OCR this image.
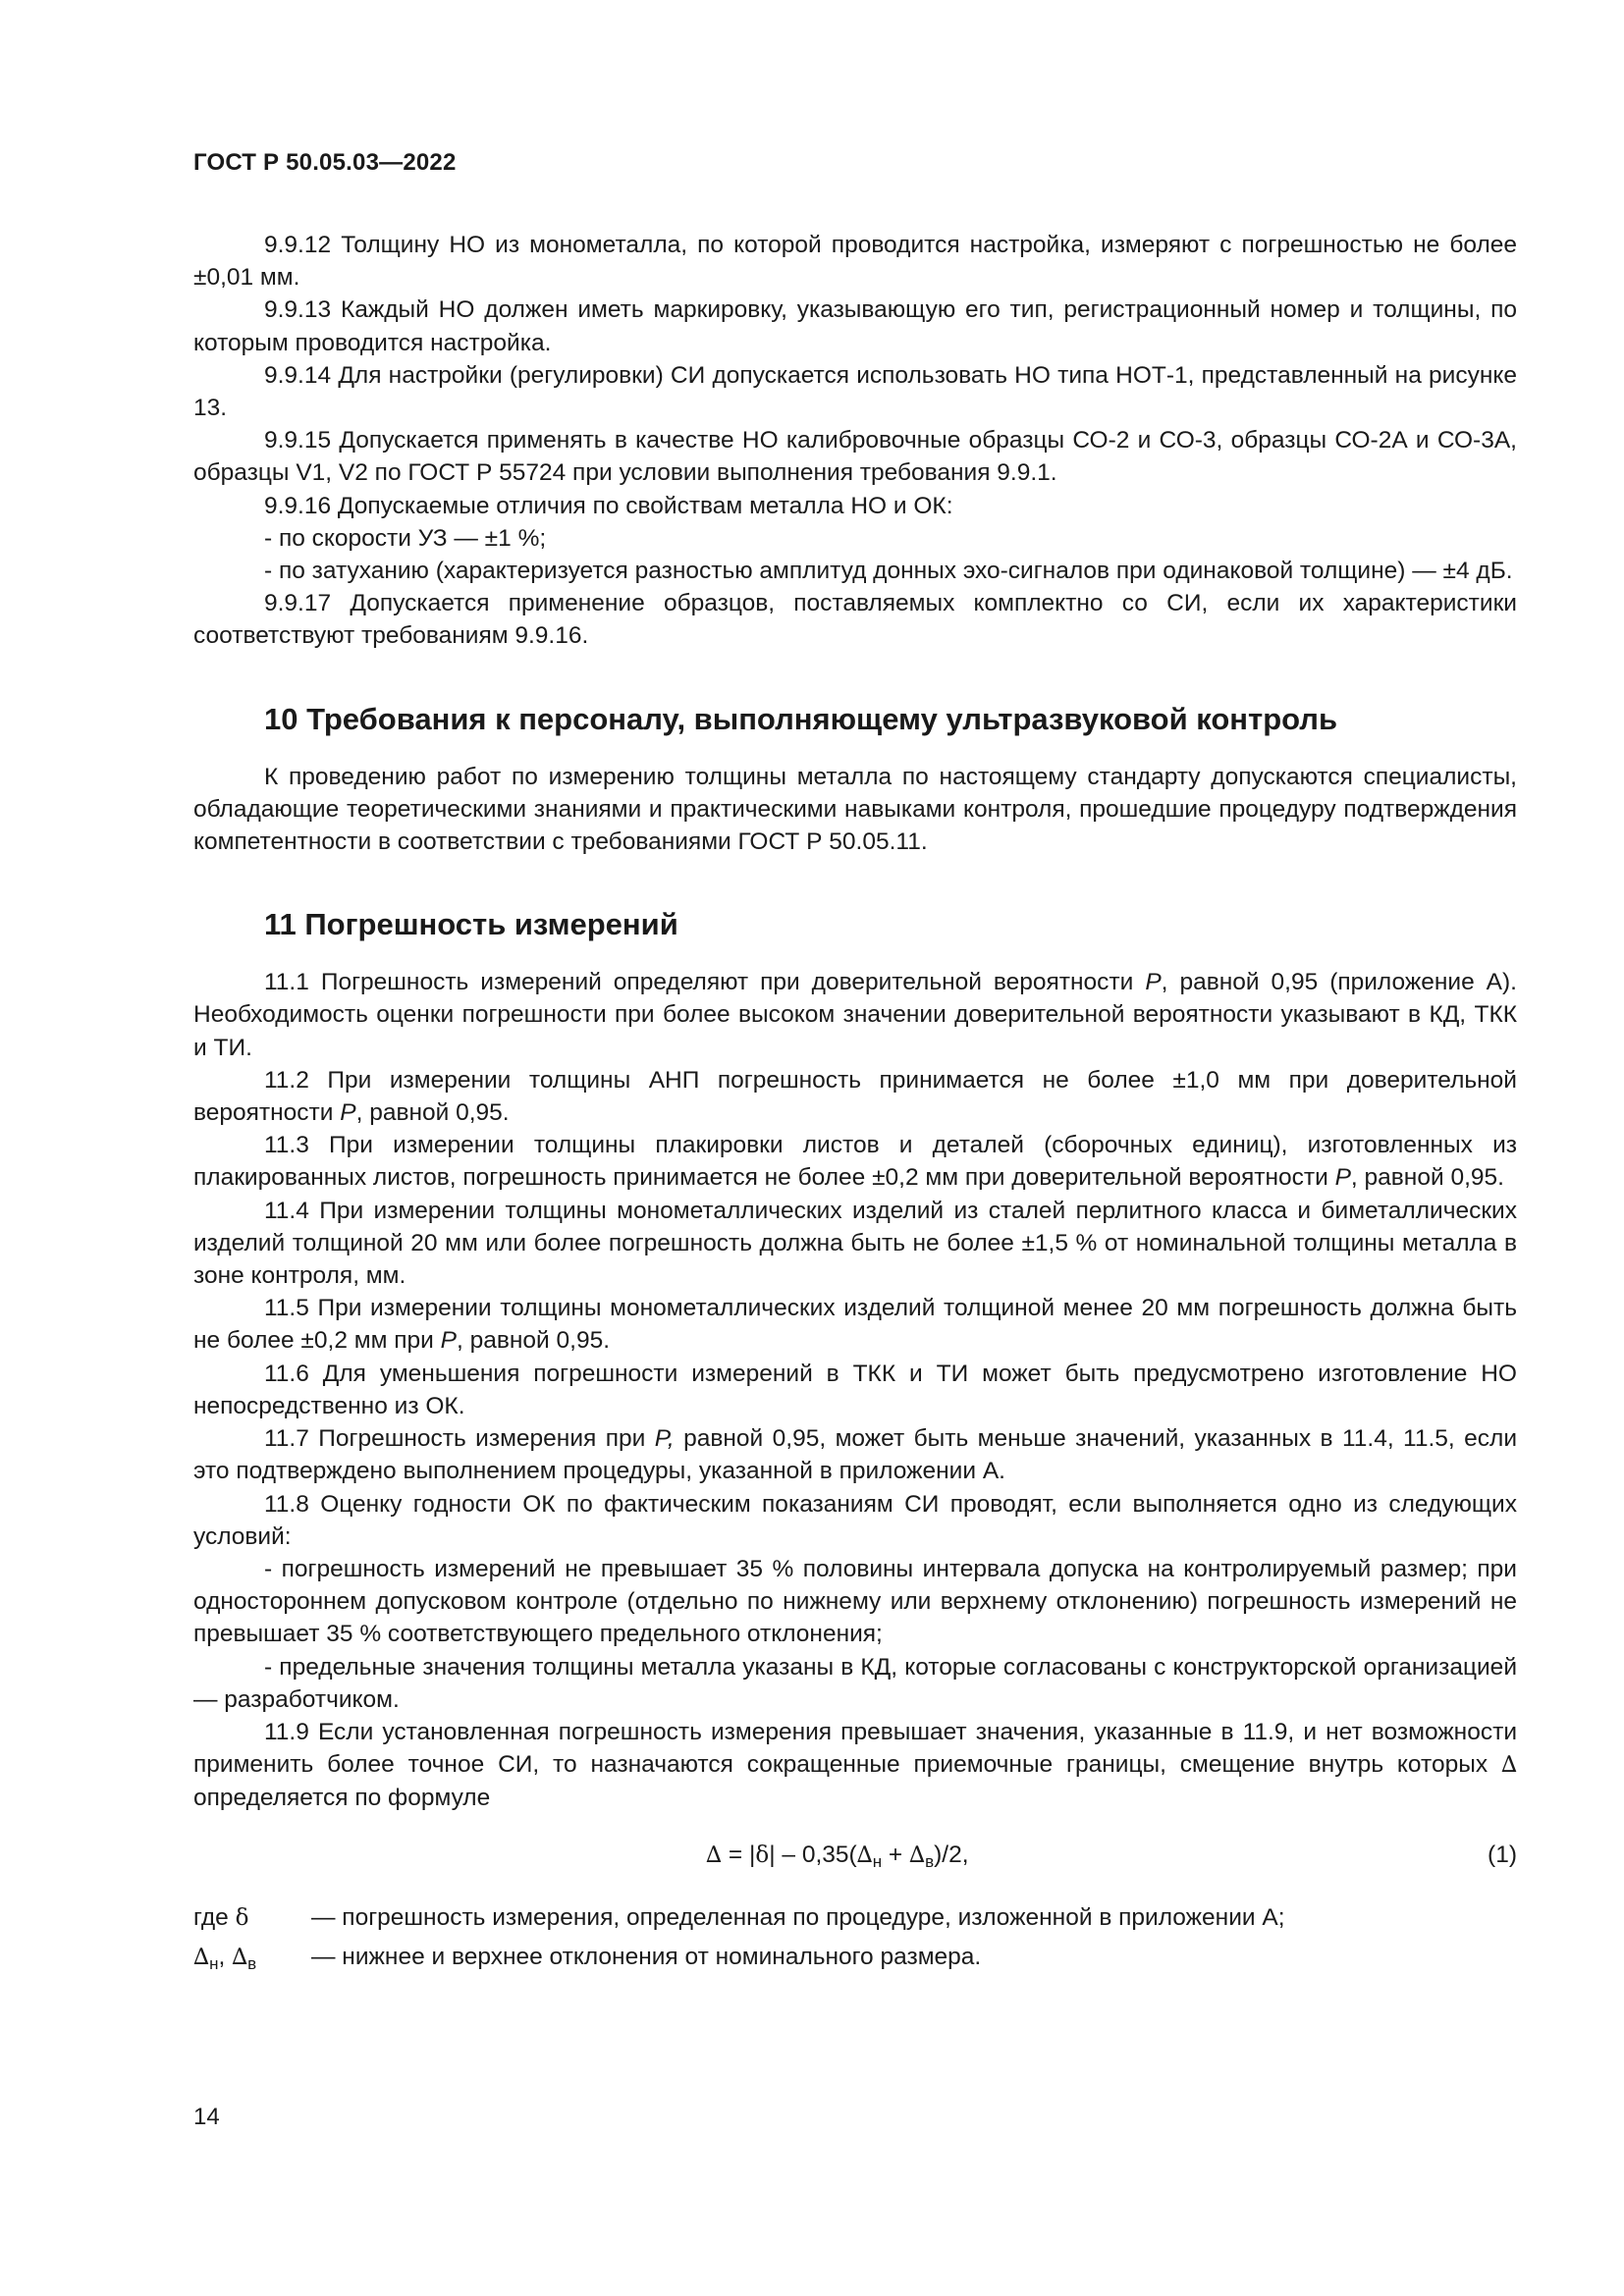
ГОСТ Р 50.05.03—2022

9.9.12 Толщину НО из монометалла, по которой проводится настройка, измеряют с погрешностью не более ±0,01 мм.

9.9.13 Каждый НО должен иметь маркировку, указывающую его тип, регистрационный номер и толщины, по которым проводится настройка.

9.9.14 Для настройки (регулировки) СИ допускается использовать НО типа НОТ-1, представленный на рисунке 13.

9.9.15 Допускается применять в качестве НО калибровочные образцы СО-2 и СО-3, образцы СО-2А и СО-3А, образцы V1, V2 по ГОСТ Р 55724 при условии выполнения требования 9.9.1.

9.9.16 Допускаемые отличия по свойствам металла НО и ОК:

- по скорости УЗ — ±1 %;

- по затуханию (характеризуется разностью амплитуд донных эхо-сигналов при одинаковой толщине) — ±4 дБ.

9.9.17 Допускается применение образцов, поставляемых комплектно со СИ, если их характеристики соответствуют требованиям 9.9.16.

10 Требования к персоналу, выполняющему ультразвуковой контроль

К проведению работ по измерению толщины металла по настоящему стандарту допускаются специалисты, обладающие теоретическими знаниями и практическими навыками контроля, прошедшие процедуру подтверждения компетентности в соответствии с требованиями ГОСТ Р 50.05.11.

11 Погрешность измерений

11.1 Погрешность измерений определяют при доверительной вероятности P, равной 0,95 (приложение А). Необходимость оценки погрешности при более высоком значении доверительной вероятности указывают в КД, ТКК и ТИ.

11.2 При измерении толщины АНП погрешность принимается не более ±1,0 мм при доверительной вероятности P, равной 0,95.

11.3 При измерении толщины плакировки листов и деталей (сборочных единиц), изготовленных из плакированных листов, погрешность принимается не более ±0,2 мм при доверительной вероятности P, равной 0,95.

11.4 При измерении толщины монометаллических изделий из сталей перлитного класса и биметаллических изделий толщиной 20 мм или более погрешность должна быть не более ±1,5 % от номинальной толщины металла в зоне контроля, мм.

11.5 При измерении толщины монометаллических изделий толщиной менее 20 мм погрешность должна быть не более ±0,2 мм при P, равной 0,95.

11.6 Для уменьшения погрешности измерений в ТКК и ТИ может быть предусмотрено изготовление НО непосредственно из ОК.

11.7 Погрешность измерения при P, равной 0,95, может быть меньше значений, указанных в 11.4, 11.5, если это подтверждено выполнением процедуры, указанной в приложении А.

11.8 Оценку годности ОК по фактическим показаниям СИ проводят, если выполняется одно из следующих условий:

- погрешность измерений не превышает 35 % половины интервала допуска на контролируемый размер; при одностороннем допусковом контроле (отдельно по нижнему или верхнему отклонению) погрешность измерений не превышает 35 % соответствующего предельного отклонения;

- предельные значения толщины металла указаны в КД, которые согласованы с конструкторской организацией — разработчиком.

11.9 Если установленная погрешность измерения превышает значения, указанные в 11.9, и нет возможности применить более точное СИ, то назначаются сокращенные приемочные границы, смещение внутрь которых ∆ определяется по формуле

∆ = $|\delta| - 0,35(\Delta_н + \Delta_в)/2$,	(1)
где δ	— погрешность измерения, определенная по процедуре, изложенной в приложении А;
$\Delta_н$, $\Delta_в$	— нижнее и верхнее отклонения от номинального размера.
14
